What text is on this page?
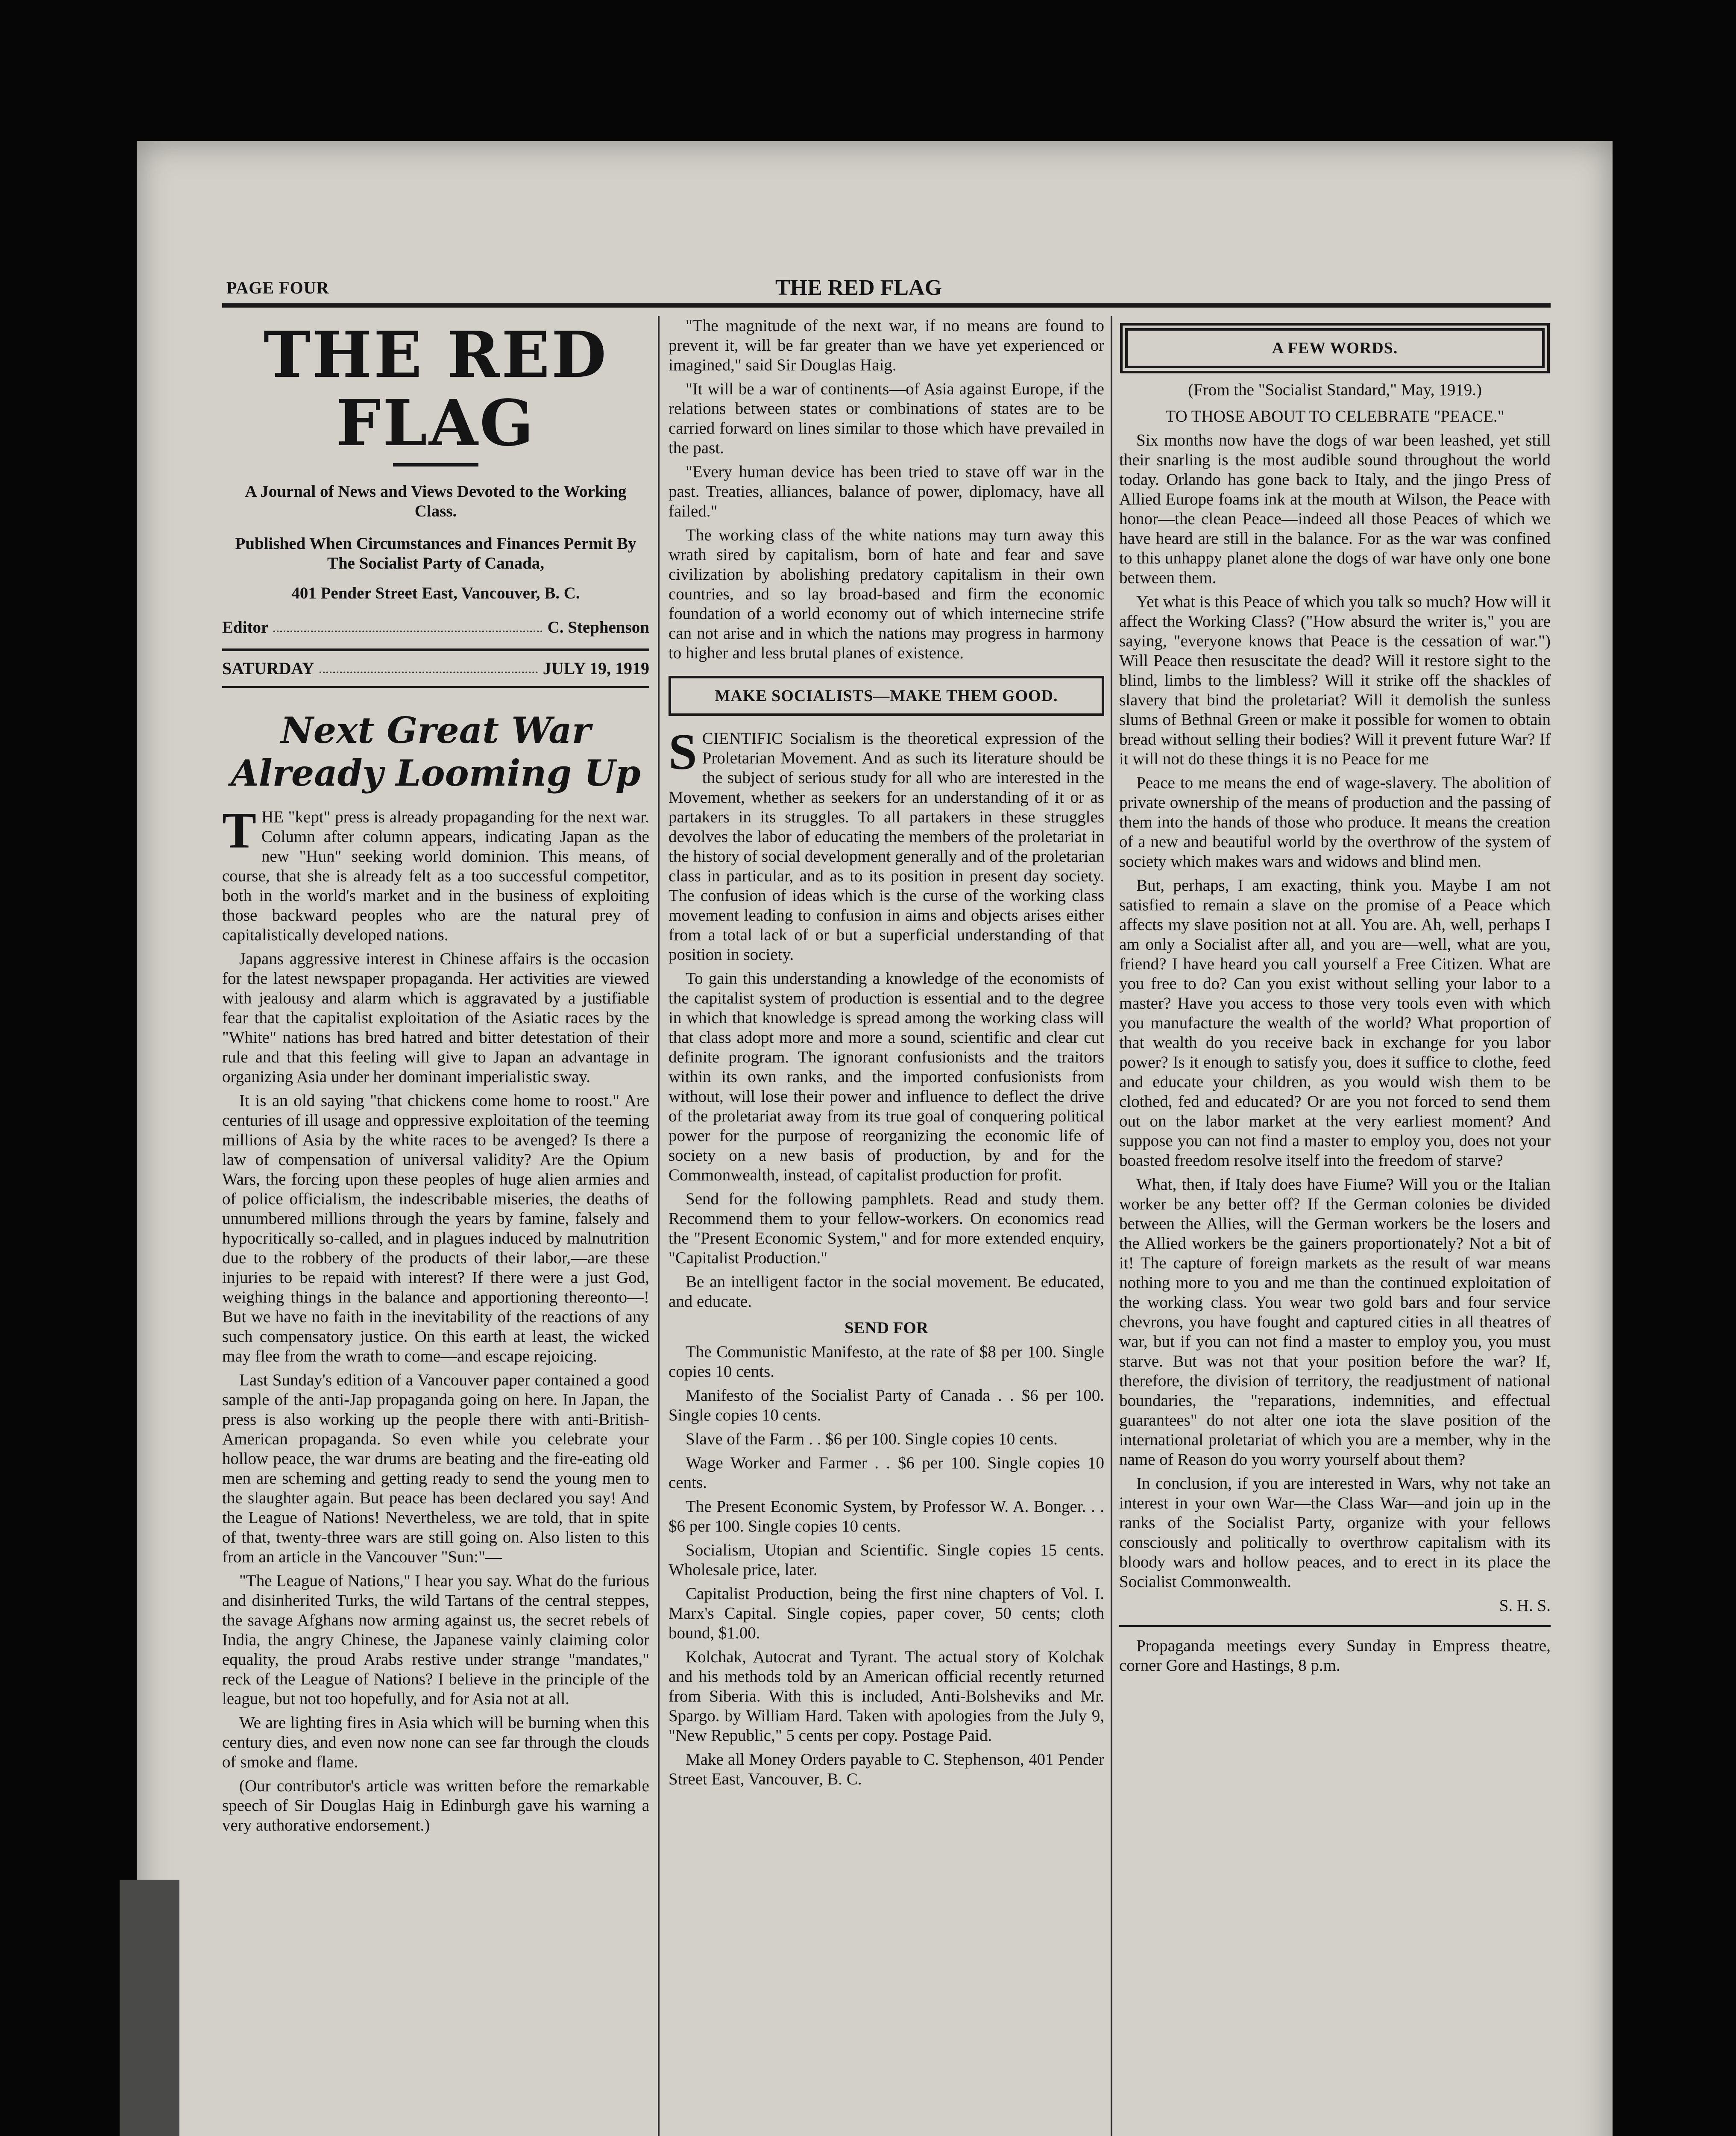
PAGE FOUR	THE RED FLAG
THE RED FLAG

A Journal of News and Views Devoted to the Working Class.

Published When Circumstances and Finances Permit By The Socialist Party of Canada,

401 Pender Street East, Vancouver, B. C.

Editor	C. Stephenson
SATURDAY	JULY 19, 1919
Next Great War Already Looming Up

THE "kept" press is already propaganding for the next war. Column after column appears, indicating Japan as the new "Hun" seeking world dominion. This means, of course, that she is already felt as a too successful competitor, both in the world's market and in the business of exploiting those backward peoples who are the natural prey of capitalistically developed nations.

Japans aggressive interest in Chinese affairs is the occasion for the latest newspaper propaganda. Her activities are viewed with jealousy and alarm which is aggravated by a justifiable fear that the capitalist exploitation of the Asiatic races by the "White" nations has bred hatred and bitter detestation of their rule and that this feeling will give to Japan an advantage in organizing Asia under her dominant imperialistic sway.

It is an old saying "that chickens come home to roost." Are centuries of ill usage and oppressive exploitation of the teeming millions of Asia by the white races to be avenged? Is there a law of compensation of universal validity? Are the Opium Wars, the forcing upon these peoples of huge alien armies and of police officialism, the indescribable miseries, the deaths of unnumbered millions through the years by famine, falsely and hypocritically so-called, and in plagues induced by malnutrition due to the robbery of the products of their labor,—are these injuries to be repaid with interest? If there were a just God, weighing things in the balance and apportioning thereonto—! But we have no faith in the inevitability of the reactions of any such compensatory justice. On this earth at least, the wicked may flee from the wrath to come—and escape rejoicing.

Last Sunday's edition of a Vancouver paper contained a good sample of the anti-Jap propaganda going on here. In Japan, the press is also working up the people there with anti-British-American propaganda. So even while you celebrate your hollow peace, the war drums are beating and the fire-eating old men are scheming and getting ready to send the young men to the slaughter again. But peace has been declared you say! And the League of Nations! Nevertheless, we are told, that in spite of that, twenty-three wars are still going on. Also listen to this from an article in the Vancouver "Sun:"—

"The League of Nations," I hear you say. What do the furious and disinherited Turks, the wild Tartans of the central steppes, the savage Afghans now arming against us, the secret rebels of India, the angry Chinese, the Japanese vainly claiming color equality, the proud Arabs restive under strange "mandates," reck of the League of Nations? I believe in the principle of the league, but not too hopefully, and for Asia not at all.

We are lighting fires in Asia which will be burning when this century dies, and even now none can see far through the clouds of smoke and flame.

(Our contributor's article was written before the remarkable speech of Sir Douglas Haig in Edinburgh gave his warning a very authorative endorsement.)

"The magnitude of the next war, if no means are found to prevent it, will be far greater than we have yet experienced or imagined," said Sir Douglas Haig.

"It will be a war of continents—of Asia against Europe, if the relations between states or combinations of states are to be carried forward on lines similar to those which have prevailed in the past.

"Every human device has been tried to stave off war in the past. Treaties, alliances, balance of power, diplomacy, have all failed."

The working class of the white nations may turn away this wrath sired by capitalism, born of hate and fear and save civilization by abolishing predatory capitalism in their own countries, and so lay broad-based and firm the economic foundation of a world economy out of which internecine strife can not arise and in which the nations may progress in harmony to higher and less brutal planes of existence.

MAKE SOCIALISTS—MAKE THEM GOOD.

SCIENTIFIC Socialism is the theoretical expression of the Proletarian Movement. And as such its literature should be the subject of serious study for all who are interested in the Movement, whether as seekers for an understanding of it or as partakers in its struggles. To all partakers in these struggles devolves the labor of educating the members of the proletariat in the history of social development generally and of the proletarian class in particular, and as to its position in present day society. The confusion of ideas which is the curse of the working class movement leading to confusion in aims and objects arises either from a total lack of or but a superficial understanding of that position in society.

To gain this understanding a knowledge of the economists of the capitalist system of production is essential and to the degree in which that knowledge is spread among the working class will that class adopt more and more a sound, scientific and clear cut definite program. The ignorant confusionists and the traitors within its own ranks, and the imported confusionists from without, will lose their power and influence to deflect the drive of the proletariat away from its true goal of conquering political power for the purpose of reorganizing the economic life of society on a new basis of production, by and for the Commonwealth, instead, of capitalist production for profit.

Send for the following pamphlets. Read and study them. Recommend them to your fellow-workers. On economics read the "Present Economic System," and for more extended enquiry, "Capitalist Production."

Be an intelligent factor in the social movement. Be educated, and educate.

SEND FOR

The Communistic Manifesto, at the rate of $8 per 100. Single copies 10 cents.

Manifesto of the Socialist Party of Canada . . $6 per 100. Single copies 10 cents.

Slave of the Farm . . $6 per 100. Single copies 10 cents.

Wage Worker and Farmer . . $6 per 100. Single copies 10 cents.

The Present Economic System, by Professor W. A. Bonger. . . $6 per 100. Single copies 10 cents.

Socialism, Utopian and Scientific. Single copies 15 cents. Wholesale price, later.

Capitalist Production, being the first nine chapters of Vol. I. Marx's Capital. Single copies, paper cover, 50 cents; cloth bound, $1.00.

Kolchak, Autocrat and Tyrant. The actual story of Kolchak and his methods told by an American official recently returned from Siberia. With this is included, Anti-Bolsheviks and Mr. Spargo. by William Hard. Taken with apologies from the July 9, "New Republic," 5 cents per copy. Postage Paid.

Make all Money Orders payable to C. Stephenson, 401 Pender Street East, Vancouver, B. C.

A FEW WORDS.

(From the "Socialist Standard," May, 1919.)

TO THOSE ABOUT TO CELEBRATE "PEACE."

Six months now have the dogs of war been leashed, yet still their snarling is the most audible sound throughout the world today. Orlando has gone back to Italy, and the jingo Press of Allied Europe foams ink at the mouth at Wilson, the Peace with honor—the clean Peace—indeed all those Peaces of which we have heard are still in the balance. For as the war was confined to this unhappy planet alone the dogs of war have only one bone between them.

Yet what is this Peace of which you talk so much? How will it affect the Working Class? ("How absurd the writer is," you are saying, "everyone knows that Peace is the cessation of war.") Will Peace then resuscitate the dead? Will it restore sight to the blind, limbs to the limbless? Will it strike off the shackles of slavery that bind the proletariat? Will it demolish the sunless slums of Bethnal Green or make it possible for women to obtain bread without selling their bodies? Will it prevent future War? If it will not do these things it is no Peace for me

Peace to me means the end of wage-slavery. The abolition of private ownership of the means of production and the passing of them into the hands of those who produce. It means the creation of a new and beautiful world by the overthrow of the system of society which makes wars and widows and blind men.

But, perhaps, I am exacting, think you. Maybe I am not satisfied to remain a slave on the promise of a Peace which affects my slave position not at all. You are. Ah, well, perhaps I am only a Socialist after all, and you are—well, what are you, friend? I have heard you call yourself a Free Citizen. What are you free to do? Can you exist without selling your labor to a master? Have you access to those very tools even with which you manufacture the wealth of the world? What proportion of that wealth do you receive back in exchange for you labor power? Is it enough to satisfy you, does it suffice to clothe, feed and educate your children, as you would wish them to be clothed, fed and educated? Or are you not forced to send them out on the labor market at the very earliest moment? And suppose you can not find a master to employ you, does not your boasted freedom resolve itself into the freedom of starve?

What, then, if Italy does have Fiume? Will you or the Italian worker be any better off? If the German colonies be divided between the Allies, will the German workers be the losers and the Allied workers be the gainers proportionately? Not a bit of it! The capture of foreign markets as the result of war means nothing more to you and me than the continued exploitation of the working class. You wear two gold bars and four service chevrons, you have fought and captured cities in all theatres of war, but if you can not find a master to employ you, you must starve. But was not that your position before the war? If, therefore, the division of territory, the readjustment of national boundaries, the "reparations, indemnities, and effectual guarantees" do not alter one iota the slave position of the international proletariat of which you are a member, why in the name of Reason do you worry yourself about them?

In conclusion, if you are interested in Wars, why not take an interest in your own War—the Class War—and join up in the ranks of the Socialist Party, organize with your fellows consciously and politically to overthrow capitalism with its bloody wars and hollow peaces, and to erect in its place the Socialist Commonwealth.

S. H. S.

Propaganda meetings every Sunday in Empress theatre, corner Gore and Hastings, 8 p.m.
